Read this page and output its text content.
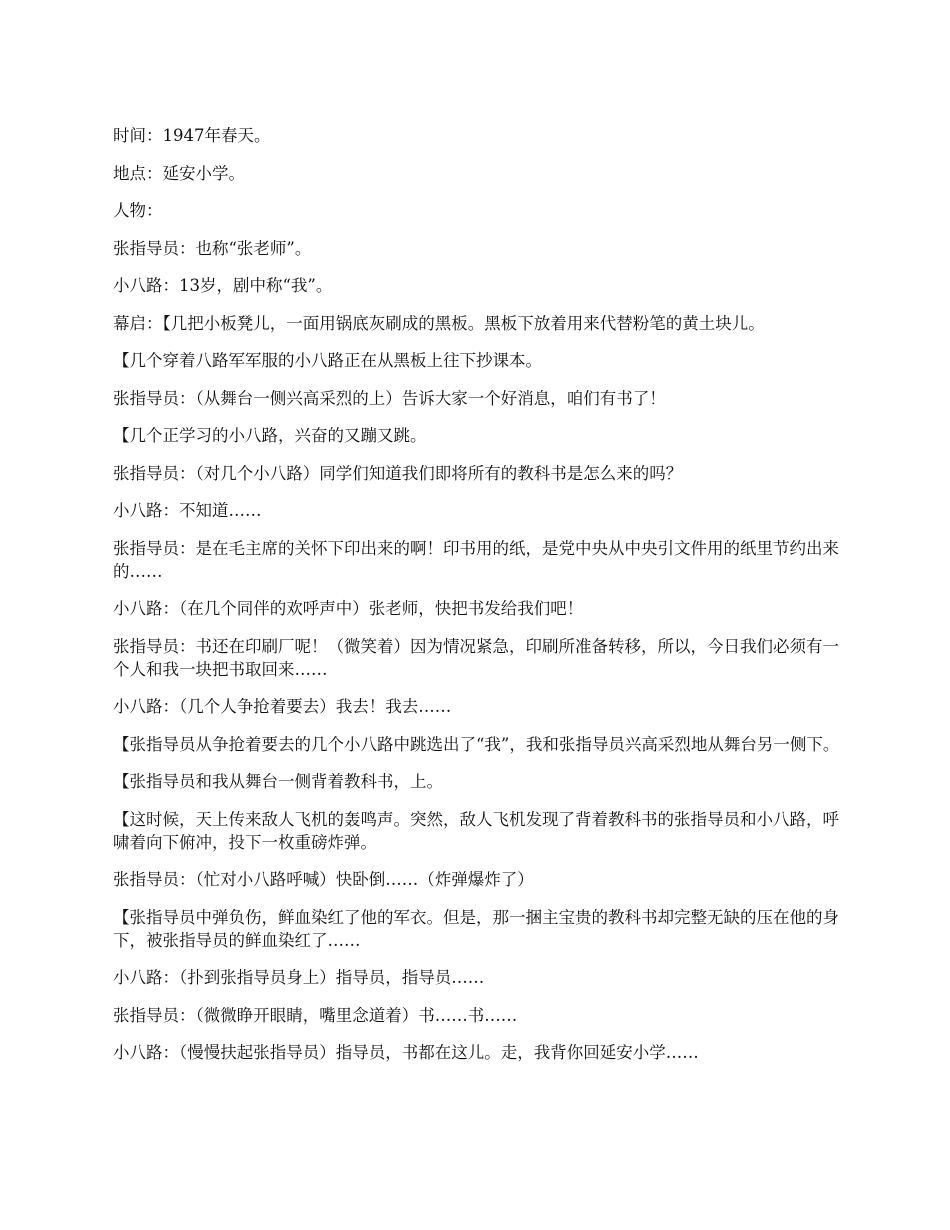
时间：1947年春天。

地点：延安小学。

人物：

张指导员：也称“张老师”。

小八路：13岁，剧中称“我”。

幕启：【几把小板凳儿，一面用锅底灰刷成的黑板。黑板下放着用来代替粉笔的黄土块儿。

【几个穿着八路军军服的小八路正在从黑板上往下抄课本。

张指导员：（从舞台一侧兴高采烈的上）告诉大家一个好消息，咱们有书了！

【几个正学习的小八路，兴奋的又蹦又跳。

张指导员：（对几个小八路）同学们知道我们即将所有的教科书是怎么来的吗？

小八路：不知道……

张指导员：是在毛主席的关怀下印出来的啊！印书用的纸，是党中央从中央引文件用的纸里节约出来的……

小八路：（在几个同伴的欢呼声中）张老师，快把书发给我们吧！

张指导员：书还在印刷厂呢！（微笑着）因为情况紧急，印刷所准备转移，所以，今日我们必须有一个人和我一块把书取回来……

小八路：（几个人争抢着要去）我去！我去……

【张指导员从争抢着要去的几个小八路中跳选出了“我”，我和张指导员兴高采烈地从舞台另一侧下。

【张指导员和我从舞台一侧背着教科书，上。

【这时候，天上传来敌人飞机的轰鸣声。突然，敌人飞机发现了背着教科书的张指导员和小八路，呼啸着向下俯冲，投下一枚重磅炸弹。

张指导员：（忙对小八路呼喊）快卧倒……（炸弹爆炸了）

【张指导员中弹负伤，鲜血染红了他的军衣。但是，那一捆主宝贵的教科书却完整无缺的压在他的身下，被张指导员的鲜血染红了……

小八路：（扑到张指导员身上）指导员，指导员……

张指导员：（微微睁开眼睛，嘴里念道着）书……书……

小八路：（慢慢扶起张指导员）指导员，书都在这儿。走，我背你回延安小学……
